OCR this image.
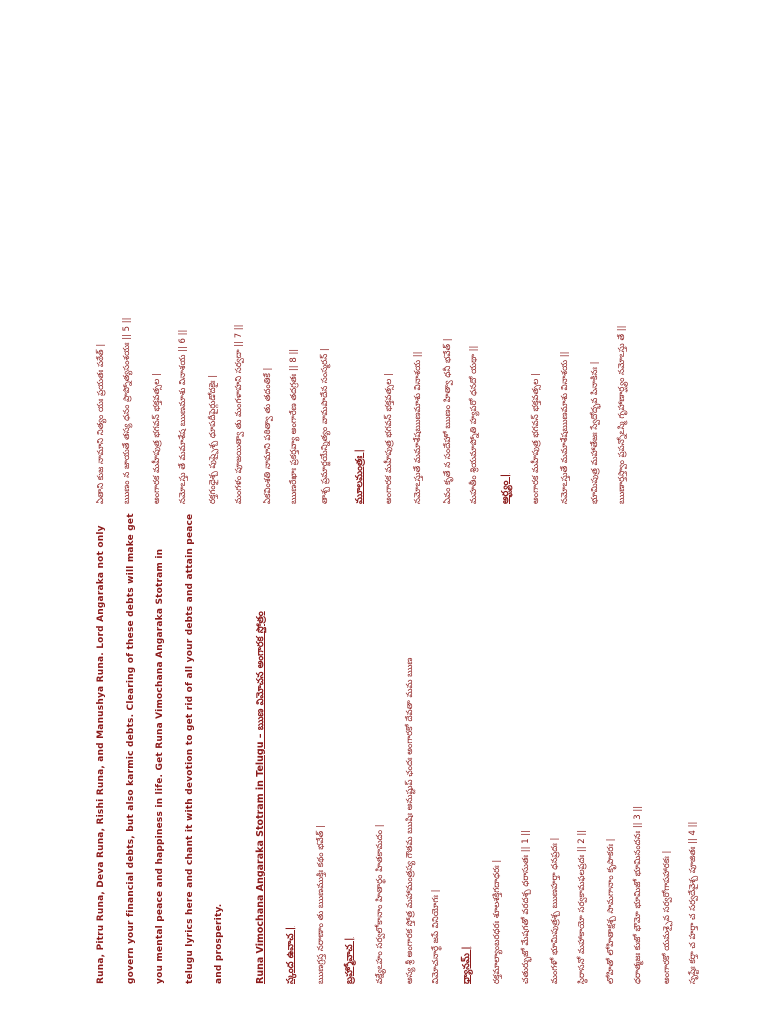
Runa, Pitru Runa, Deva Runa, Rishi Runa, and Manushya Runa. Lord Angaraka not only govern your financial debts, but also karmic debts. Clearing of these debts will make get you mental peace and happiness in life. Get Runa Vimochana Angaraka Stotram in telugu lyrics here and chant it with devotion to get rid of all your debts and attain peace and prosperity.	Runa Vimochana Angaraka Stotram in Telugu – ఋణ విమోచన అంగారక స్తోత్రం స్కంద ఉవాచ | ఋణగ్రస్త నరాణాం తు ఋణముక్తిః కథం భవేత్ | బ్రహ్మోవాచ | వక్ష్యేఽహం సర్వలోకానాం హితార్థం హితకామదం | అస్య శ్రీ అంగారక స్తోత్ర మహామంత్రస్య గౌతమ ఋషిః అనుష్టుప్ ఛందః అంగారకో దేవతా మమ ఋణ విమోచనార్థే జపే వినియోగః | ధ్యానమ్ | రక్తమాల్యాంబరధరః శూలశక్తిగదాధరః | చతుర్భుజో మేషగతో వరదశ్చ ధరాసుతః || 1 || మంగళో భూమిపుత్రశ్చ ఋణహర్తా ధనప్రదః | స్థిరాసనో మహాకాయో సర్వకామఫలప్రదః || 2 || లోహితో లోహితాక్షశ్చ సామగానాం కృపాకరః | ధరాత్మజః కుజో భౌమో భూమిజో భూమినందనః || 3 || అంగారకో యమశ్చైవ సర్వరోగాపహారకః | సృష్టేః కర్తా చ హర్తా చ సర్వదేవైశ్చ పూజితః || 4 ||
ఏతాని కుజ నామాని నిత్యం యః ప్రయతః పఠేత్ | ఋణం న జాయతే తస్య ధనం ప్రాప్నోత్యసంశయః || 5 || అంగారక మహీపుత్ర భగవన్ భక్తవత్సల | నమోఽస్తు తే మమాశేష ఋణమాశు వినాశయ || 6 || రక్తగంధైశ్చ పుష్పైశ్చ ధూపదీపైర్గుడోదకైః | మంగళం పూజయిత్వా తు మంగళాహని సర్వదా || 7 || ఏకవింశతి నామాని పఠిత్వా తు తదంతికే | ఋణరేఖాః ప్రకర్తవ్యా అంగారేణ తదగ్రతః || 8 || తాశ్చ ప్రమార్జయేన్నిత్యం వామపాదేన సంస్మరన్ |	మూలమంత్రః | అంగారక మహీపుత్ర భగవన్ భక్తవత్సల | నమోఽస్తుతే మమాశేషఋణమాశు వినాశయ || ఏవం కృతే న సందేహో ఋణం హిత్వా ధనీ భవేత్ | మహతీం శ్రియమాప్నోతి హ్యపరో ధనదో యథా || అర్ఘ్యం | అంగారక మహీపుత్ర భగవన్ భక్తవత్సల | నమోఽస్తుతే మమాశేషఋణమాశు వినాశయ || భూమిపుత్ర మహాతేజః స్వేదోద్భవ పినాకినః | ఋణార్తస్త్వాం ప్రపన్నోఽస్మి గృహాణార్ఘ్యం నమోఽస్తు తే ||
